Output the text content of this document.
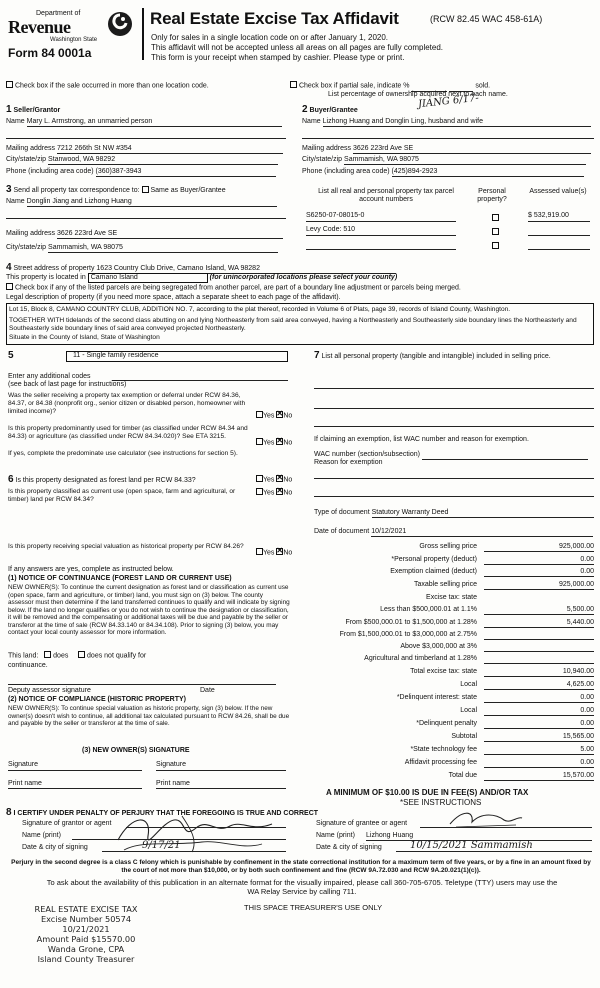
Department of
Revenue
Washington State
Form 84 0001a
Real Estate Excise Tax Affidavit	(RCW 82.45 WAC 458-61A)
Only for sales in a single location code on or after January 1, 2020.
This affidavit will not be accepted unless all areas on all pages are fully completed.
This form is your receipt when stamped by cashier. Please type or print.
Check box if the sale occurred in more than one location code.	Check box if partial sale, indicate %	sold.
List percentage of ownership acquired next to each name.
1 Seller/Grantor
Name Mary L. Armstrong, an unmarried person
Mailing address 7212 266th St NW #354
City/state/zip Stanwood, WA 98292
Phone (including area code) (360)387-3943
2 Buyer/Grantee
JIANG 6/17-
Name Lizhong Huang and Donglin Ling, husband and wife
Mailing address 3626 223rd Ave SE
City/state/zip Sammamish, WA 98075
Phone (including area code) (425)894-2923
3 Send all property tax correspondence to: Same as Buyer/Grantee
Name Donglin Jiang and Lizhong Huang
Mailing address 3626 223rd Ave SE
City/state/zip Sammamish, WA 98075
List all real and personal property tax parcel account numbers
Personal property?
Assessed value(s)
S6250-07-08015-0	$ 532,919.00
Levy Code: 510
4 Street address of property 1623 Country Club Drive, Camano Island, WA 98282
This property is located in Camano Island	(for unincorporated locations please select your county)
Check box if any of the listed parcels are being segregated from another parcel, are part of a boundary line adjustment or parcels being merged.
Legal description of property (if you need more space, attach a separate sheet to each page of the affidavit).
Lot 15, Block 8, CAMANO COUNTRY CLUB, ADDITION NO. 7, according to the plat thereof, recorded in Volume 6 of Plats, page 39, records of Island County, Washington.
TOGETHER WITH tidelands of the second class abutting on and lying Northeasterly from said area conveyed, having a Northeasterly and Southeasterly side boundary lines the Northeasterly and Southeasterly side boundary lines of said area conveyed projected Northeasterly.
Situate in the County of Island, State of Washington
5	11 - Single family residence
Enter any additional codes
(see back of last page for instructions)
Was the seller receiving a property tax exemption or deferral under RCW 84.36, 84.37, or 84.38 (nonprofit org., senior citizen or disabled person, homeowner with limited income)?
Yes ✕ No
Is this property predominantly used for timber (as classified under RCW 84.34 and 84.33) or agriculture (as classified under RCW 84.34.020)? See ETA 3215.
Yes ✕ No
If yes, complete the predominate use calculator (see instructions for section 5).
6 Is this property designated as forest land per RCW 84.33?	Yes ✕ No
Is this property classified as current use (open space, farm and agricultural, or timber) land per RCW 84.34?
Yes ✕ No
Is this property receiving special valuation as historical property per RCW 84.26?
Yes ✕ No
If any answers are yes, complete as instructed below.
(1) NOTICE OF CONTINUANCE (FOREST LAND OR CURRENT USE)
NEW OWNER(S): To continue the current designation as forest land or classification as current use (open space, farm and agriculture, or timber) land, you must sign on (3) below. The county assessor must then determine if the land transferred continues to qualify and will indicate by signing below. If the land no longer qualifies or you do not wish to continue the designation or classification, it will be removed and the compensating or additional taxes will be due and payable by the seller or transferor at the time of sale (RCW 84.33.140 or 84.34.108). Prior to signing (3) below, you may contact your local county assessor for more information.
This land: does	does not qualify for
continuance.
Deputy assessor signature	Date
(2) NOTICE OF COMPLIANCE (HISTORIC PROPERTY)
NEW OWNER(S): To continue special valuation as historic property, sign (3) below. If the new owner(s) doesn't wish to continue, all additional tax calculated pursuant to RCW 84.26, shall be due and payable by the seller or transferor at the time of sale.
(3) NEW OWNER(S) SIGNATURE
Signature	Signature
Print name	Print name
7 List all personal property (tangible and intangible) included in selling price.
If claiming an exemption, list WAC number and reason for exemption.
WAC number (section/subsection)
Reason for exemption
Type of document Statutory Warranty Deed
Date of document 10/12/2021
Gross selling price	925,000.00
*Personal property (deduct)	0.00
Exemption claimed (deduct)	0.00
Taxable selling price	925,000.00
Excise tax: state
Less than $500,000.01 at 1.1%	5,500.00
From $500,000.01 to $1,500,000 at 1.28%	5,440.00
From $1,500,000.01 to $3,000,000 at 2.75%
Above $3,000,000 at 3%
Agricultural and timberland at 1.28%
Total excise tax: state	10,940.00
Local	4,625.00
*Delinquent interest: state	0.00
Local	0.00
*Delinquent penalty	0.00
Subtotal	15,565.00
*State technology fee	5.00
Affidavit processing fee	0.00
Total due	15,570.00
A MINIMUM OF $10.00 IS DUE IN FEE(S) AND/OR TAX
*SEE INSTRUCTIONS
8 I CERTIFY UNDER PENALTY OF PERJURY THAT THE FOREGOING IS TRUE AND CORRECT
Signature of grantor or agent
Name (print)
Date & city of signing	9/17/21
Signature of grantee or agent
Name (print) Lizhong Huang
Date & city of signing	10/15/2021 Sammamish
Perjury in the second degree is a class C felony which is punishable by confinement in the state correctional institution for a maximum term of five years, or by a fine in an amount fixed by the court of not more than $10,000, or by both such confinement and fine (RCW 9A.72.030 and RCW 9A.20.021(1)(c)).
To ask about the availability of this publication in an alternate format for the visually impaired, please call 360-705-6705. Teletype (TTY) users may use the WA Relay Service by calling 711.
THIS SPACE TREASURER'S USE ONLY
REAL ESTATE EXCISE TAX
Excise Number 50574
10/21/2021
Amount Paid $15570.00
Wanda Grone, CPA
Island County Treasurer
